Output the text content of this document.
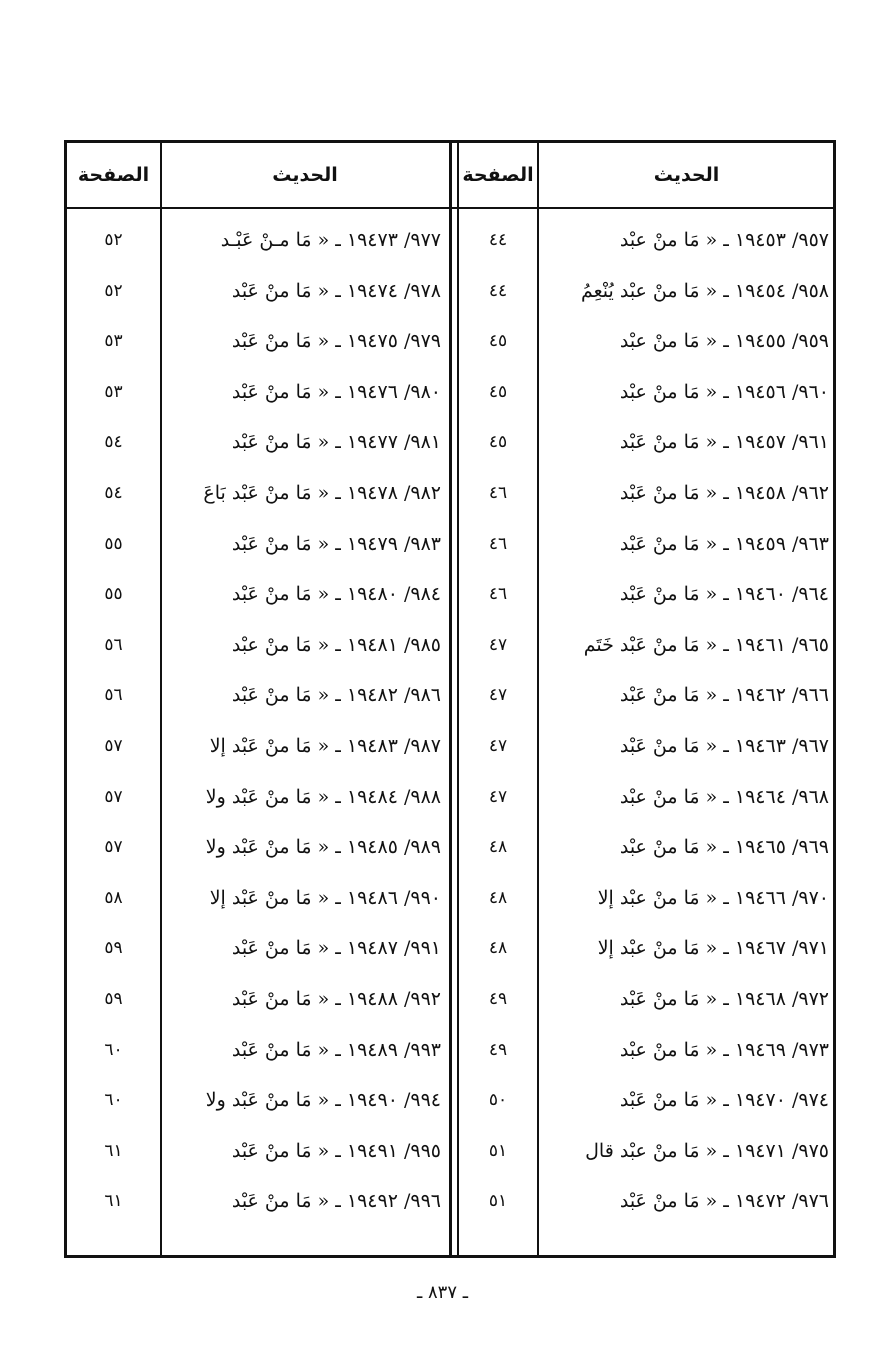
الحديث
الصفحة
الحديث
الصفحة
٩٥٧/ ١٩٤٥٣ ـ « مَا منْ عبْد
٩٥٨/ ١٩٤٥٤ ـ « مَا منْ عبْد يُنْعِمُ
٩٥٩/ ١٩٤٥٥ ـ « مَا منْ عبْد
٩٦٠/ ١٩٤٥٦ ـ « مَا منْ عبْد
٩٦١/ ١٩٤٥٧ ـ « مَا منْ عَبْد
٩٦٢/ ١٩٤٥٨ ـ « مَا منْ عَبْد
٩٦٣/ ١٩٤٥٩ ـ « مَا منْ عَبْد
٩٦٤/ ١٩٤٦٠ ـ « مَا منْ عَبْد
٩٦٥/ ١٩٤٦١ ـ « مَا منْ عَبْد خَتَم
٩٦٦/ ١٩٤٦٢ ـ « مَا منْ عَبْد
٩٦٧/ ١٩٤٦٣ ـ « مَا منْ عَبْد
٩٦٨/ ١٩٤٦٤ ـ « مَا منْ عبْد
٩٦٩/ ١٩٤٦٥ ـ « مَا منْ عبْد
٩٧٠/ ١٩٤٦٦ ـ « مَا منْ عبْد إلا
٩٧١/ ١٩٤٦٧ ـ « مَا منْ عبْد إلا
٩٧٢/ ١٩٤٦٨ ـ « مَا منْ عَبْد
٩٧٣/ ١٩٤٦٩ ـ « مَا منْ عبْد
٩٧٤/ ١٩٤٧٠ ـ « مَا منْ عَبْد
٩٧٥/ ١٩٤٧١ ـ « مَا منْ عبْد قال
٩٧٦/ ١٩٤٧٢ ـ « مَا منْ عَبْد
٤٤
٤٤
٤٥
٤٥
٤٥
٤٦
٤٦
٤٦
٤٧
٤٧
٤٧
٤٧
٤٨
٤٨
٤٨
٤٩
٤٩
٥٠
٥١
٥١
٩٧٧/ ١٩٤٧٣ ـ « مَا مـنْ عَبْـد
٩٧٨/ ١٩٤٧٤ ـ « مَا منْ عَبْد
٩٧٩/ ١٩٤٧٥ ـ « مَا منْ عَبْد
٩٨٠/ ١٩٤٧٦ ـ « مَا منْ عَبْد
٩٨١/ ١٩٤٧٧ ـ « مَا منْ عَبْد
٩٨٢/ ١٩٤٧٨ ـ « مَا منْ عَبْد بَاعَ
٩٨٣/ ١٩٤٧٩ ـ « مَا منْ عَبْد
٩٨٤/ ١٩٤٨٠ ـ « مَا منْ عَبْد
٩٨٥/ ١٩٤٨١ ـ « مَا منْ عبْد
٩٨٦/ ١٩٤٨٢ ـ « مَا منْ عَبْد
٩٨٧/ ١٩٤٨٣ ـ « مَا منْ عَبْد إلا
٩٨٨/ ١٩٤٨٤ ـ « مَا منْ عَبْد ولا
٩٨٩/ ١٩٤٨٥ ـ « مَا منْ عَبْد ولا
٩٩٠/ ١٩٤٨٦ ـ « مَا منْ عَبْد إلا
٩٩١/ ١٩٤٨٧ ـ « مَا منْ عَبْد
٩٩٢/ ١٩٤٨٨ ـ « مَا منْ عَبْد
٩٩٣/ ١٩٤٨٩ ـ « مَا منْ عَبْد
٩٩٤/ ١٩٤٩٠ ـ « مَا منْ عَبْد ولا
٩٩٥/ ١٩٤٩١ ـ « مَا منْ عَبْد
٩٩٦/ ١٩٤٩٢ ـ « مَا منْ عَبْد
٥٢
٥٢
٥٣
٥٣
٥٤
٥٤
٥٥
٥٥
٥٦
٥٦
٥٧
٥٧
٥٧
٥٨
٥٩
٥٩
٦٠
٦٠
٦١
٦١
ـ ٨٣٧ ـ
